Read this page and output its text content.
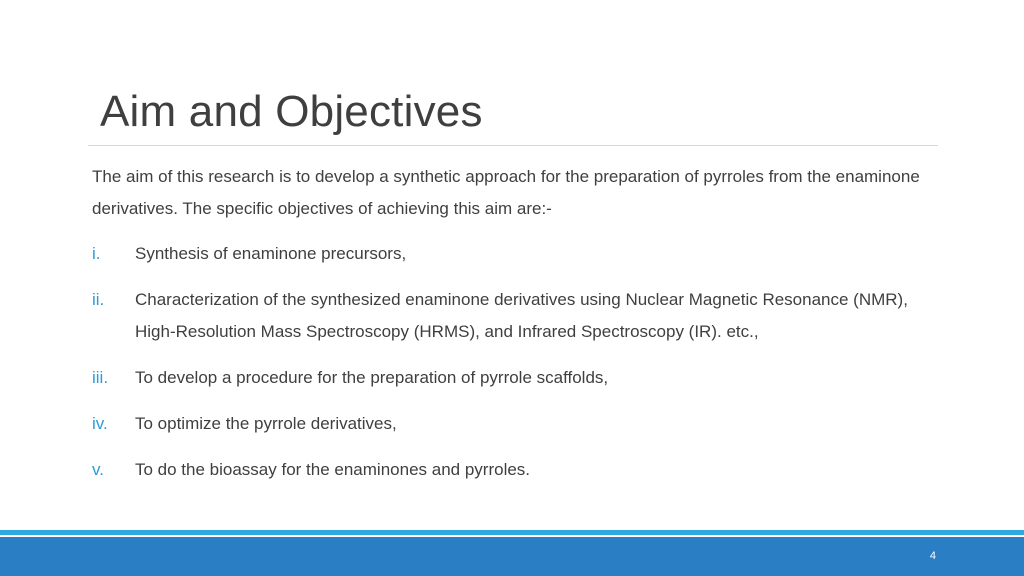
Aim and Objectives
The aim of this research is to develop a synthetic approach for the preparation of pyrroles from the enaminone derivatives. The specific objectives of achieving this aim are:-
i. Synthesis of enaminone precursors,
ii. Characterization of the synthesized enaminone derivatives using Nuclear Magnetic Resonance (NMR), High-Resolution Mass Spectroscopy (HRMS), and Infrared Spectroscopy (IR). etc.,
iii. To develop a procedure for the preparation of pyrrole scaffolds,
iv. To optimize the pyrrole derivatives,
v. To do the bioassay for the enaminones and pyrroles.
4
